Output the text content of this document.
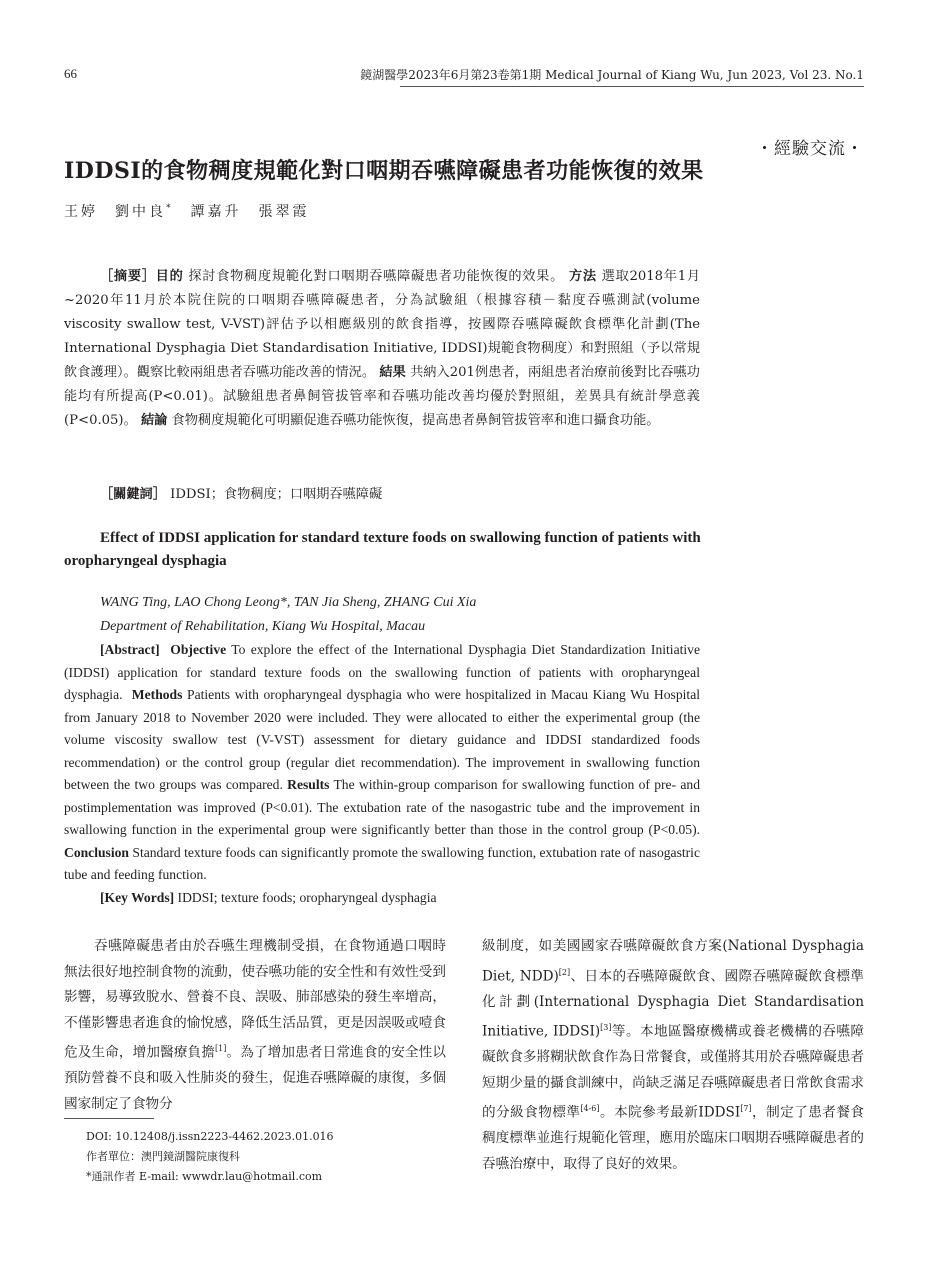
66	鏡湖醫學2023年6月第23卷第1期 Medical Journal of Kiang Wu, Jun 2023, Vol 23. No.1
・經驗交流・
IDDSI的食物稠度規範化對口咽期吞嚥障礙患者功能恢復的效果
王婷　劉中良*　譚嘉升　張翠霞

［摘要］目的 探討食物稠度規範化對口咽期吞嚥障礙患者功能恢復的效果。 方法 選取2018年1月~2020年11月於本院住院的口咽期吞嚥障礙患者，分為試驗組（根據容積－黏度吞嚥測試(volume viscosity swallow test, V-VST)評估予以相應級別的飲食指導，按國際吞嚥障礙飲食標準化計劃(The International Dysphagia Diet Standardisation Initiative, IDDSI)規範食物稠度）和對照組（予以常規飲食護理）。觀察比較兩組患者吞嚥功能改善的情況。 結果 共納入201例患者，兩組患者治療前後對比吞嚥功能均有所提高(P<0.01)。試驗組患者鼻飼管拔管率和吞嚥功能改善均優於對照組，差異具有統計學意義(P<0.05)。 結論 食物稠度規範化可明顯促進吞嚥功能恢復，提高患者鼻飼管拔管率和進口攝食功能。

［關鍵詞］ IDDSI；食物稠度；口咽期吞嚥障礙

Effect of IDDSI application for standard texture foods on swallowing function of patients with oropharyngeal dysphagia

WANG Ting, LAO Chong Leong*, TAN Jia Sheng, ZHANG Cui Xia
Department of Rehabilitation, Kiang Wu Hospital, Macau

[Abstract] Objective To explore the effect of the International Dysphagia Diet Standardization Initiative (IDDSI) application for standard texture foods on the swallowing function of patients with oropharyngeal dysphagia. Methods Patients with oropharyngeal dysphagia who were hospitalized in Macau Kiang Wu Hospital from January 2018 to November 2020 were included. They were allocated to either the experimental group (the volume viscosity swallow test (V-VST) assessment for dietary guidance and IDDSI standardized foods recommendation) or the control group (regular diet recommendation). The improvement in swallowing function between the two groups was compared. Results The within-group comparison for swallowing function of pre- and postimplementation was improved (P<0.01). The extubation rate of the nasogastric tube and the improvement in swallowing function in the experimental group were significantly better than those in the control group (P<0.05). Conclusion Standard texture foods can significantly promote the swallowing function, extubation rate of nasogastric tube and feeding function.

[Key Words] IDDSI; texture foods; oropharyngeal dysphagia

吞嚥障礙患者由於吞嚥生理機制受損，在食物通過口咽時無法很好地控制食物的流動，使吞嚥功能的安全性和有效性受到影響，易導致脫水、營養不良、誤吸、肺部感染的發生率增高，不僅影響患者進食的愉悅感，降低生活品質，更是因誤吸或噎食危及生命，增加醫療負擔[1]。為了增加患者日常進食的安全性以預防營養不良和吸入性肺炎的發生，促進吞嚥障礙的康復，多個國家制定了食物分

級制度，如美國國家吞嚥障礙飲食方案(National Dysphagia Diet, NDD)[2]、日本的吞嚥障礙飲食、國際吞嚥障礙飲食標準化計劃(International Dysphagia Diet Standardisation Initiative, IDDSI)[3]等。本地區醫療機構或養老機構的吞嚥障礙飲食多將糊狀飲食作為日常餐食，或僅將其用於吞嚥障礙患者短期少量的攝食訓練中，尚缺乏滿足吞嚥障礙患者日常飲食需求的分級食物標準[4-6]。本院參考最新IDDSI[7]，制定了患者餐食稠度標準並進行規範化管理，應用於臨床口咽期吞嚥障礙患者的吞嚥治療中，取得了良好的效果。

DOI: 10.12408/j.issn2223-4462.2023.01.016
作者單位：澳門鏡湖醫院康復科
*通訊作者 E-mail: wwwdr.lau@hotmail.com
